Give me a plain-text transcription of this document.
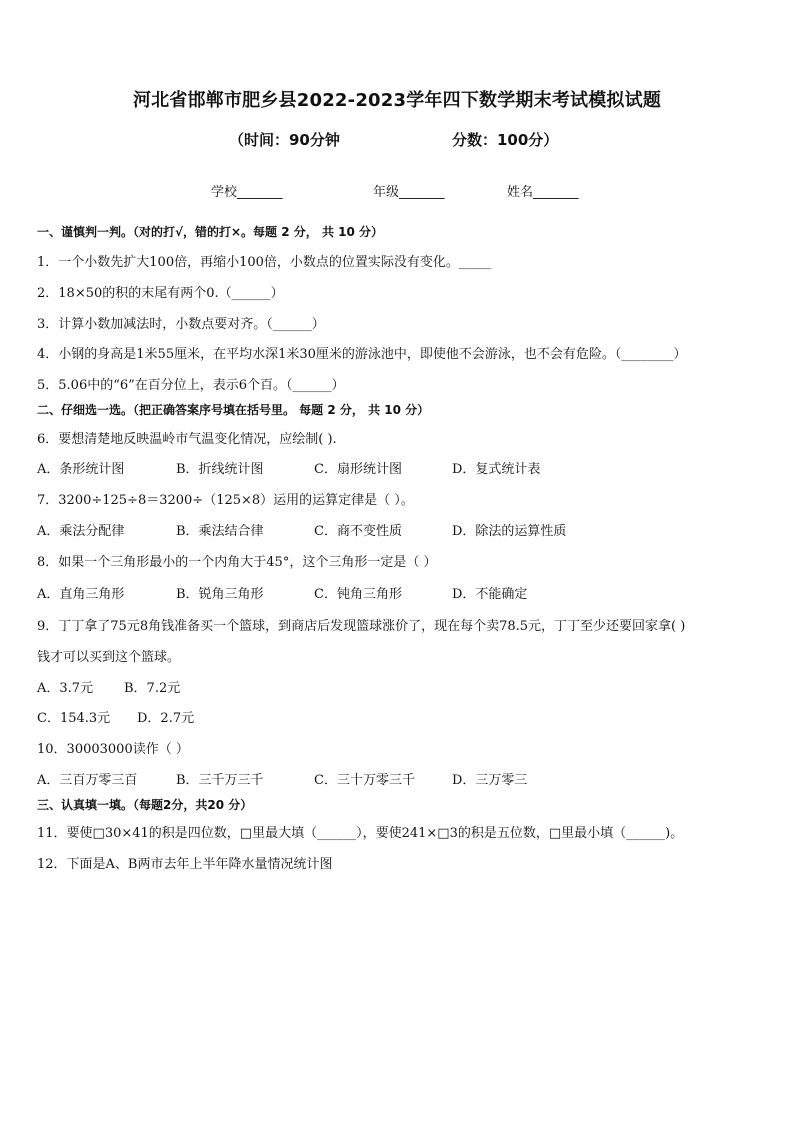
河北省邯郸市肥乡县2022-2023学年四下数学期末考试模拟试题
（时间：90分钟	分数：100分）
学校_______	年级_______	姓名_______
一、谨慎判一判。（对的打√，错的打×。每题 2 分， 共 10 分）
1．一个小数先扩大100倍，再缩小100倍，小数点的位置实际没有变化。_____
2．18×50的积的末尾有两个0.（______）
3．计算小数加减法时，小数点要对齐。（______）
4．小钢的身高是1米55厘米，在平均水深1米30厘米的游泳池中，即使他不会游泳，也不会有危险。（________）
5．5.06中的“6”在百分位上，表示6个百。（______）
二、仔细选一选。（把正确答案序号填在括号里。 每题 2 分， 共 10 分）
6．要想清楚地反映温岭市气温变化情况，应绘制( ).
A．条形统计图	B．折线统计图	C．扇形统计图	D．复式统计表
7．3200÷125÷8＝3200÷（125×8）运用的运算定律是（ ）。
A．乘法分配律	B．乘法结合律	C．商不变性质	D．除法的运算性质
8．如果一个三角形最小的一个内角大于45°，这个三角形一定是（ ）
A．直角三角形	B．锐角三角形	C．钝角三角形	D．不能确定
9．丁丁拿了75元8角钱准备买一个篮球，到商店后发现篮球涨价了，现在每个卖78.5元，丁丁至少还要回家拿( )
钱才可以买到这个篮球。
A．3.7元 B．7.2元
C．154.3元 D．2.7元
10．30003000读作（ ）
A．三百万零三百	B．三千万三千	C．三十万零三千	D．三万零三
三、认真填一填。（每题2分，共20 分）
11．要使□30×41的积是四位数，□里最大填（______），要使241×□3的积是五位数，□里最小填（______)。
12．下面是A、B两市去年上半年降水量情况统计图
